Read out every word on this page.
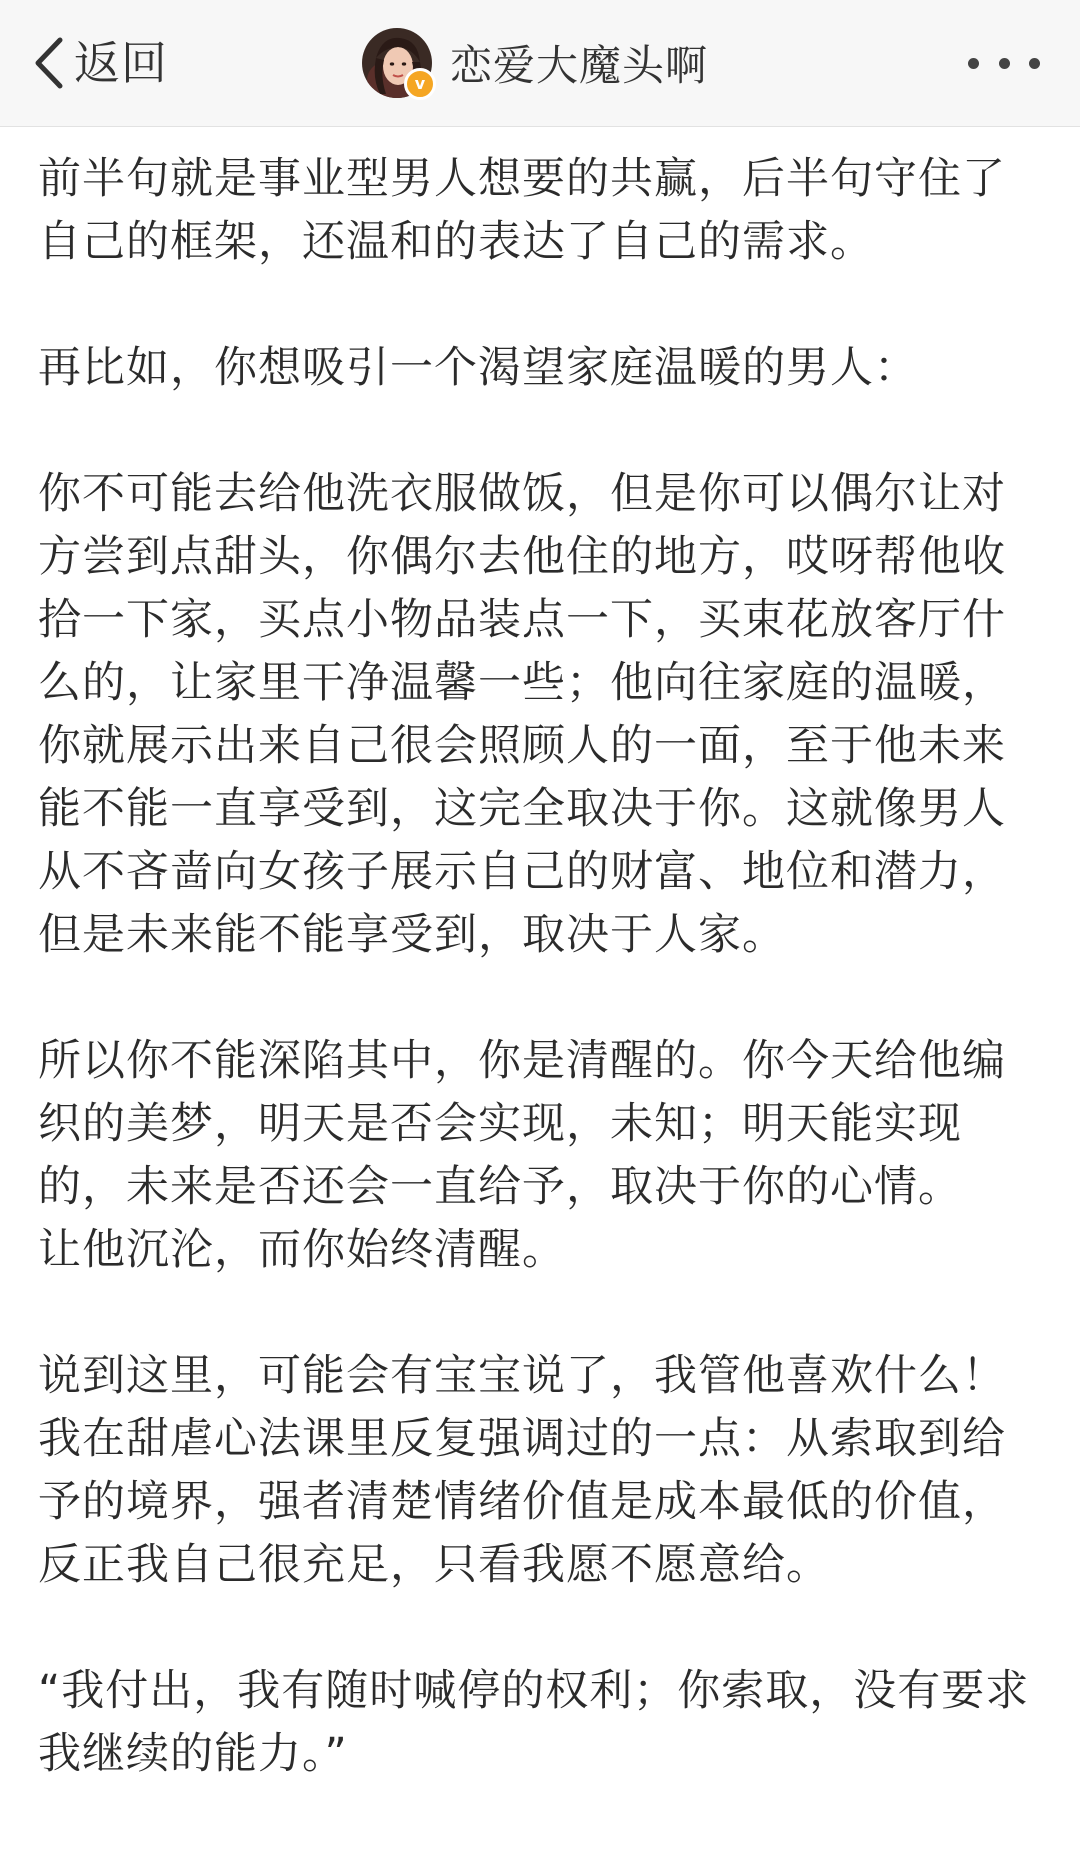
返回	v 恋爱大魔头啊

前半句就是事业型男人想要的共赢，后半句守住了
自己的框架，还温和的表达了自己的需求。

再比如，你想吸引一个渴望家庭温暖的男人：

你不可能去给他洗衣服做饭，但是你可以偶尔让对
方尝到点甜头，你偶尔去他住的地方，哎呀帮他收
拾一下家，买点小物品装点一下，买束花放客厅什
么的，让家里干净温馨一些；他向往家庭的温暖，
你就展示出来自己很会照顾人的一面，至于他未来
能不能一直享受到，这完全取决于你。这就像男人
从不吝啬向女孩子展示自己的财富、地位和潜力，
但是未来能不能享受到，取决于人家。

所以你不能深陷其中，你是清醒的。你今天给他编
织的美梦，明天是否会实现，未知；明天能实现
的，未来是否还会一直给予，取决于你的心情。
让他沉沦，而你始终清醒。

说到这里，可能会有宝宝说了，我管他喜欢什么！
我在甜虐心法课里反复强调过的一点：从索取到给
予的境界，强者清楚情绪价值是成本最低的价值，
反正我自己很充足，只看我愿不愿意给。

“我付出，我有随时喊停的权利；你索取，没有要求
我继续的能力。”
